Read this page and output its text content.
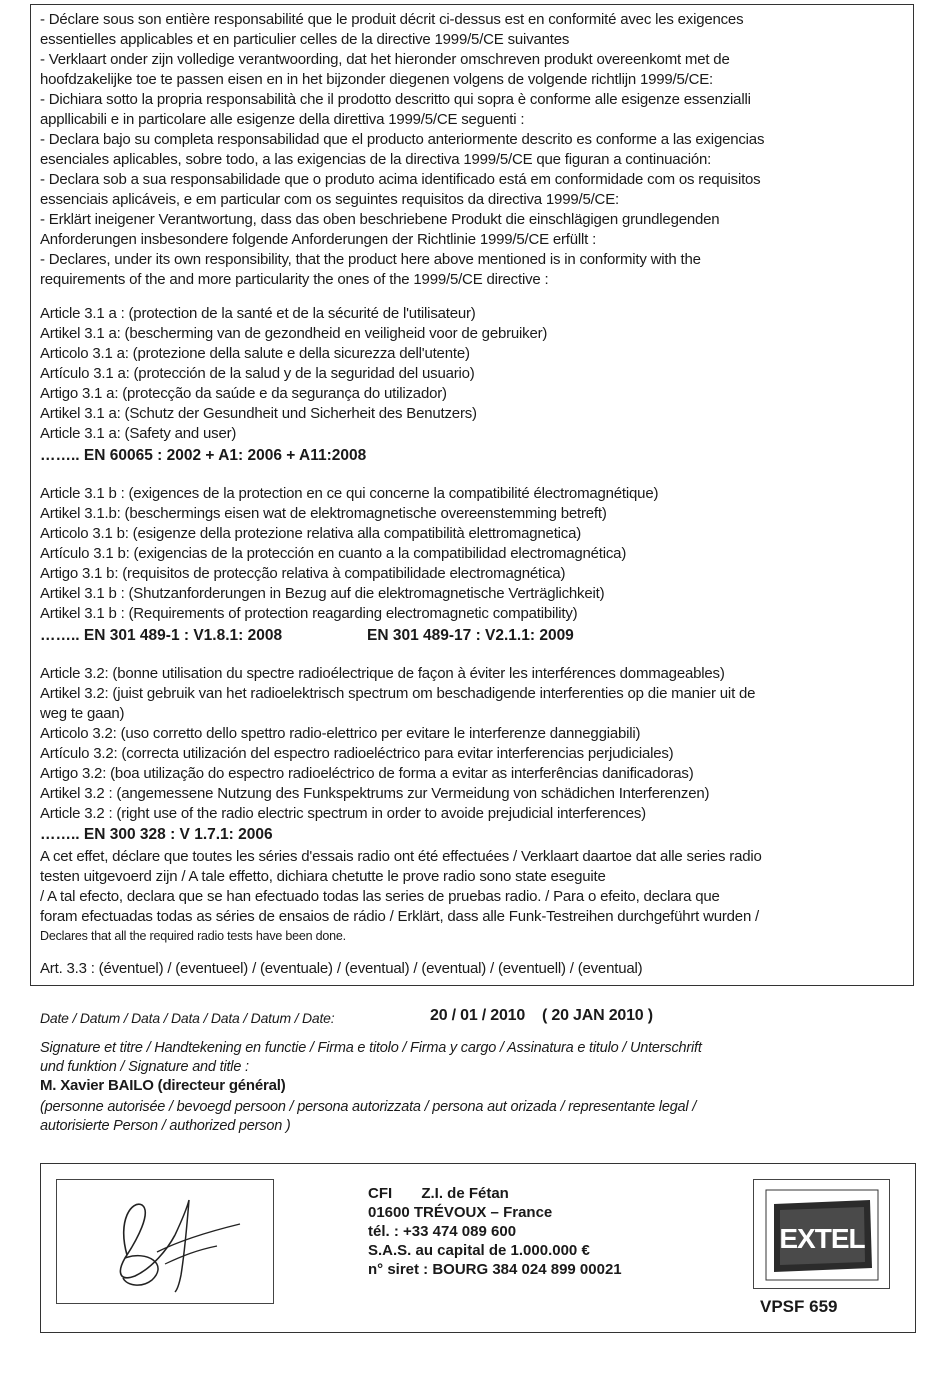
- Déclare sous son entière responsabilité que le produit décrit ci-dessus est en conformité avec les exigences
essentielles applicables et en particulier celles de la directive 1999/5/CE suivantes
- Verklaart onder zijn volledige verantwoording, dat het hieronder omschreven produkt overeenkomt met de
hoofdzakelijke toe te passen eisen en in het bijzonder diegenen volgens de volgende richtlijn 1999/5/CE:
- Dichiara sotto la propria responsabilità che il prodotto descritto qui sopra è conforme alle esigenze essenzialli
appllicabili e in particolare alle esigenze della direttiva 1999/5/CE seguenti :
- Declara bajo su completa responsabilidad que el producto anteriormente descrito es conforme a las exigencias
esenciales aplicables, sobre todo, a las exigencias de la directiva 1999/5/CE que figuran a continuación:
- Declara sob a sua responsabilidade que o produto acima identificado está em conformidade com os requisitos
essenciais aplicáveis, e em particular com os seguintes requisitos da directiva 1999/5/CE:
- Erklärt ineigener Verantwortung, dass das oben beschriebene Produkt die einschlägigen grundlegenden
Anforderungen insbesondere folgende Anforderungen der Richtlinie 1999/5/CE erfüllt :
- Declares, under its own responsibility, that the product here above mentioned is in conformity with the
requirements of the and more particularity the ones of the 1999/5/CE directive :
Article 3.1 a : (protection de la santé et de la sécurité de l'utilisateur)
Artikel 3.1 a: (bescherming van de gezondheid en veiligheid voor de gebruiker)
Articolo 3.1 a: (protezione della salute e della sicurezza dell'utente)
Artículo 3.1 a: (protección de la salud y de la seguridad del usuario)
Artigo 3.1 a: (protecção da saúde e da segurança do utilizador)
Artikel 3.1 a: (Schutz der Gesundheit und Sicherheit des Benutzers)
Article 3.1 a: (Safety and user)
…….. EN 60065 : 2002 + A1: 2006 + A11:2008
Article 3.1 b : (exigences de la protection en ce qui concerne la compatibilité électromagnétique)
Artikel 3.1.b: (beschermings eisen wat de elektromagnetische overeenstemming betreft)
Articolo 3.1 b: (esigenze della protezione relativa alla compatibilità elettromagnetica)
Artículo 3.1 b: (exigencias de la protección en cuanto a la compatibilidad electromagnética)
Artigo 3.1 b: (requisitos de protecção relativa à compatibilidade electromagnética)
Artikel 3.1 b : (Shutzanforderungen in Bezug auf die elektromagnetische Verträglichkeit)
Artikel 3.1 b : (Requirements of protection reagarding electromagnetic compatibility)
…….. EN 301 489-1 : V1.8.1: 2008	EN 301 489-17 : V2.1.1: 2009
Article 3.2: (bonne utilisation du spectre radioélectrique de façon à éviter les interférences dommageables)
Artikel 3.2: (juist gebruik van het radioelektrisch spectrum om beschadigende interferenties op die manier uit de
weg te gaan)
Articolo 3.2: (uso corretto dello spettro radio-elettrico per evitare le interferenze danneggiabili)
Artículo 3.2: (correcta utilización del espectro radioeléctrico para evitar interferencias perjudiciales)
Artigo 3.2: (boa utilização do espectro radioeléctrico de forma a evitar as interferências danificadoras)
Artikel 3.2 : (angemessene Nutzung des Funkspektrums zur Vermeidung von schädichen Interferenzen)
Article 3.2 : (right use of the radio electric spectrum in order to avoide prejudicial interferences)
…….. EN 300 328 : V 1.7.1: 2006
A cet effet, déclare que toutes les séries d'essais radio ont été effectuées / Verklaart daartoe dat alle series radio
testen uitgevoerd zijn / A tale effetto, dichiara chetutte le prove radio sono state eseguite
/ A tal efecto, declara que se han efectuado todas las series de pruebas radio. / Para o efeito, declara que
foram efectuadas todas as séries de ensaios de rádio / Erklärt, dass alle Funk-Testreihen durchgeführt wurden /
Declares that all the required radio tests have been done.
Art. 3.3 : (éventuel) / (eventueel) / (eventuale) / (eventual) / (eventual) / (eventuell) / (eventual)
Date / Datum / Data / Data / Data / Datum / Date:	20 / 01 / 2010    ( 20 JAN 2010 )
Signature et titre / Handtekening en functie / Firma e titolo / Firma y cargo / Assinatura e titulo / Unterschrift
und funktion / Signature and title :
M. Xavier BAILO (directeur général)
(personne autorisée / bevoegd persoon / persona autorizzata / persona aut orizada / representante legal /
autorisierte Person / authorized person )
CFI       Z.I. de Fétan
01600 TRÉVOUX – France
tél. : +33 474 089 600
S.A.S. au capital de 1.000.000 €
n° siret : BOURG 384 024 899 00021
EXTEL
VPSF 659
